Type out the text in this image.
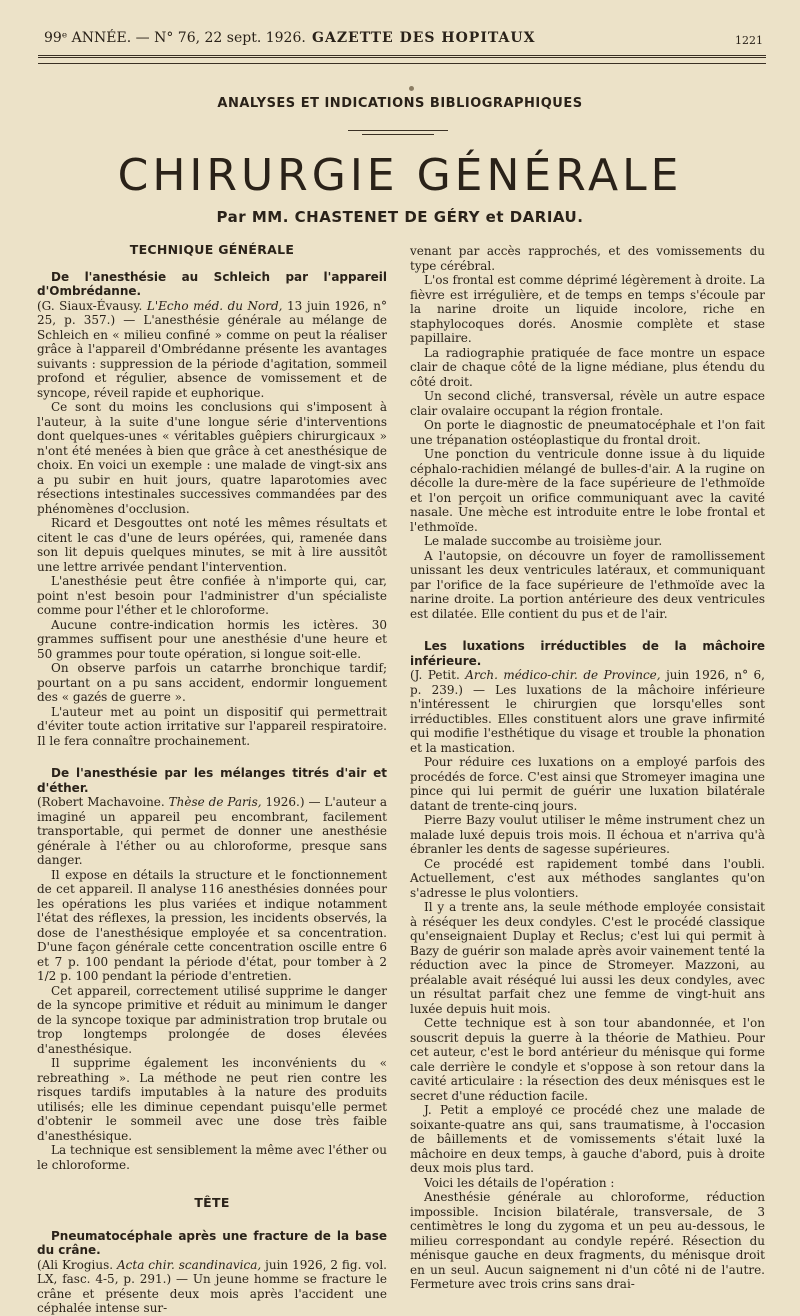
99ᵉ ANNÉE. — N° 76, 22 sept. 1926. GAZETTE DES HOPITAUX	1221
ANALYSES ET INDICATIONS BIBLIOGRAPHIQUES
CHIRURGIE GÉNÉRALE
Par MM. CHASTENET DE GÉRY et DARIAU.
TECHNIQUE GÉNÉRALE

De l'anesthésie au Schleich par l'appareil d'Ombrédanne.

(G. Siaux-Évausy. L'Echo méd. du Nord, 13 juin 1926, n° 25, p. 357.) — L'anesthésie générale au mélange de Schleich en « milieu confiné » comme on peut la réaliser grâce à l'appareil d'Ombrédanne présente les avantages suivants : suppression de la période d'agitation, sommeil profond et régulier, absence de vomissement et de syncope, réveil rapide et euphorique.

Ce sont du moins les conclusions qui s'imposent à l'auteur, à la suite d'une longue série d'interventions dont quelques-unes « véritables guêpiers chirurgicaux » n'ont été menées à bien que grâce à cet anesthésique de choix. En voici un exemple : une malade de vingt-six ans a pu subir en huit jours, quatre laparotomies avec résections intestinales successives commandées par des phénomènes d'occlusion.

Ricard et Desgouttes ont noté les mêmes résultats et citent le cas d'une de leurs opérées, qui, ramenée dans son lit depuis quelques minutes, se mit à lire aussitôt une lettre arrivée pendant l'intervention.

L'anesthésie peut être confiée à n'importe qui, car, point n'est besoin pour l'administrer d'un spécialiste comme pour l'éther et le chloroforme.

Aucune contre-indication hormis les ictères. 30 grammes suffisent pour une anesthésie d'une heure et 50 grammes pour toute opération, si longue soit-elle.

On observe parfois un catarrhe bronchique tardif; pourtant on a pu sans accident, endormir longuement des « gazés de guerre ».

L'auteur met au point un dispositif qui permettrait d'éviter toute action irritative sur l'appareil respiratoire. Il le fera connaître prochainement.

De l'anesthésie par les mélanges titrés d'air et d'éther.

(Robert Machavoine. Thèse de Paris, 1926.) — L'auteur a imaginé un appareil peu encombrant, facilement transportable, qui permet de donner une anesthésie générale à l'éther ou au chloroforme, presque sans danger.

Il expose en détails la structure et le fonctionnement de cet appareil. Il analyse 116 anesthésies données pour les opérations les plus variées et indique notamment l'état des réflexes, la pression, les incidents observés, la dose de l'anesthésique employée et sa concentration. D'une façon générale cette concentration oscille entre 6 et 7 p. 100 pendant la période d'état, pour tomber à 2 1/2 p. 100 pendant la période d'entretien.

Cet appareil, correctement utilisé supprime le danger de la syncope primitive et réduit au minimum le danger de la syncope toxique par administration trop brutale ou trop longtemps prolongée de doses élevées d'anesthésique.

Il supprime également les inconvénients du « rebreathing ». La méthode ne peut rien contre les risques tardifs imputables à la nature des produits utilisés; elle les diminue cependant puisqu'elle permet d'obtenir le sommeil avec une dose très faible d'anesthésique.

La technique est sensiblement la même avec l'éther ou le chloroforme.

TÊTE

Pneumatocéphale après une fracture de la base du crâne.

(Ali Krogius. Acta chir. scandinavica, juin 1926, 2 fig. vol. LX, fasc. 4-5, p. 291.) — Un jeune homme se fracture le crâne et présente deux mois après l'accident une céphalée intense sur-

venant par accès rapprochés, et des vomissements du type cérébral.

L'os frontal est comme déprimé légèrement à droite. La fièvre est irrégulière, et de temps en temps s'écoule par la narine droite un liquide incolore, riche en staphylocoques dorés. Anosmie complète et stase papillaire.

La radiographie pratiquée de face montre un espace clair de chaque côté de la ligne médiane, plus étendu du côté droit.

Un second cliché, transversal, révèle un autre espace clair ovalaire occupant la région frontale.

On porte le diagnostic de pneumatocéphale et l'on fait une trépanation ostéoplastique du frontal droit.

Une ponction du ventricule donne issue à du liquide céphalo-rachidien mélangé de bulles-d'air. A la rugine on décolle la dure-mère de la face supérieure de l'ethmoïde et l'on perçoit un orifice communiquant avec la cavité nasale. Une mèche est introduite entre le lobe frontal et l'ethmoïde.

Le malade succombe au troisième jour.

A l'autopsie, on découvre un foyer de ramollissement unissant les deux ventricules latéraux, et communiquant par l'orifice de la face supérieure de l'ethmoïde avec la narine droite. La portion antérieure des deux ventricules est dilatée. Elle contient du pus et de l'air.

Les luxations irréductibles de la mâchoire inférieure.

(J. Petit. Arch. médico-chir. de Province, juin 1926, n° 6, p. 239.) — Les luxations de la mâchoire inférieure n'intéressent le chirurgien que lorsqu'elles sont irréductibles. Elles constituent alors une grave infirmité qui modifie l'esthétique du visage et trouble la phonation et la mastication.

Pour réduire ces luxations on a employé parfois des procédés de force. C'est ainsi que Stromeyer imagina une pince qui lui permit de guérir une luxation bilatérale datant de trente-cinq jours.

Pierre Bazy voulut utiliser le même instrument chez un malade luxé depuis trois mois. Il échoua et n'arriva qu'à ébranler les dents de sagesse supérieures.

Ce procédé est rapidement tombé dans l'oubli. Actuellement, c'est aux méthodes sanglantes qu'on s'adresse le plus volontiers.

Il y a trente ans, la seule méthode employée consistait à réséquer les deux condyles. C'est le procédé classique qu'enseignaient Duplay et Reclus; c'est lui qui permit à Bazy de guérir son malade après avoir vainement tenté la réduction avec la pince de Stromeyer. Mazzoni, au préalable avait réséqué lui aussi les deux condyles, avec un résultat parfait chez une femme de vingt-huit ans luxée depuis huit mois.

Cette technique est à son tour abandonnée, et l'on souscrit depuis la guerre à la théorie de Mathieu. Pour cet auteur, c'est le bord antérieur du ménisque qui forme cale derrière le condyle et s'oppose à son retour dans la cavité articulaire : la résection des deux ménisques est le secret d'une réduction facile.

J. Petit a employé ce procédé chez une malade de soixante-quatre ans qui, sans traumatisme, à l'occasion de bâillements et de vomissements s'était luxé la mâchoire en deux temps, à gauche d'abord, puis à droite deux mois plus tard.

Voici les détails de l'opération :

Anesthésie générale au chloroforme, réduction impossible. Incision bilatérale, transversale, de 3 centimètres le long du zygoma et un peu au-dessous, le milieu correspondant au condyle repéré. Résection du ménisque gauche en deux fragments, du ménisque droit en un seul. Aucun saignement ni d'un côté ni de l'autre. Fermeture avec trois crins sans drai-
